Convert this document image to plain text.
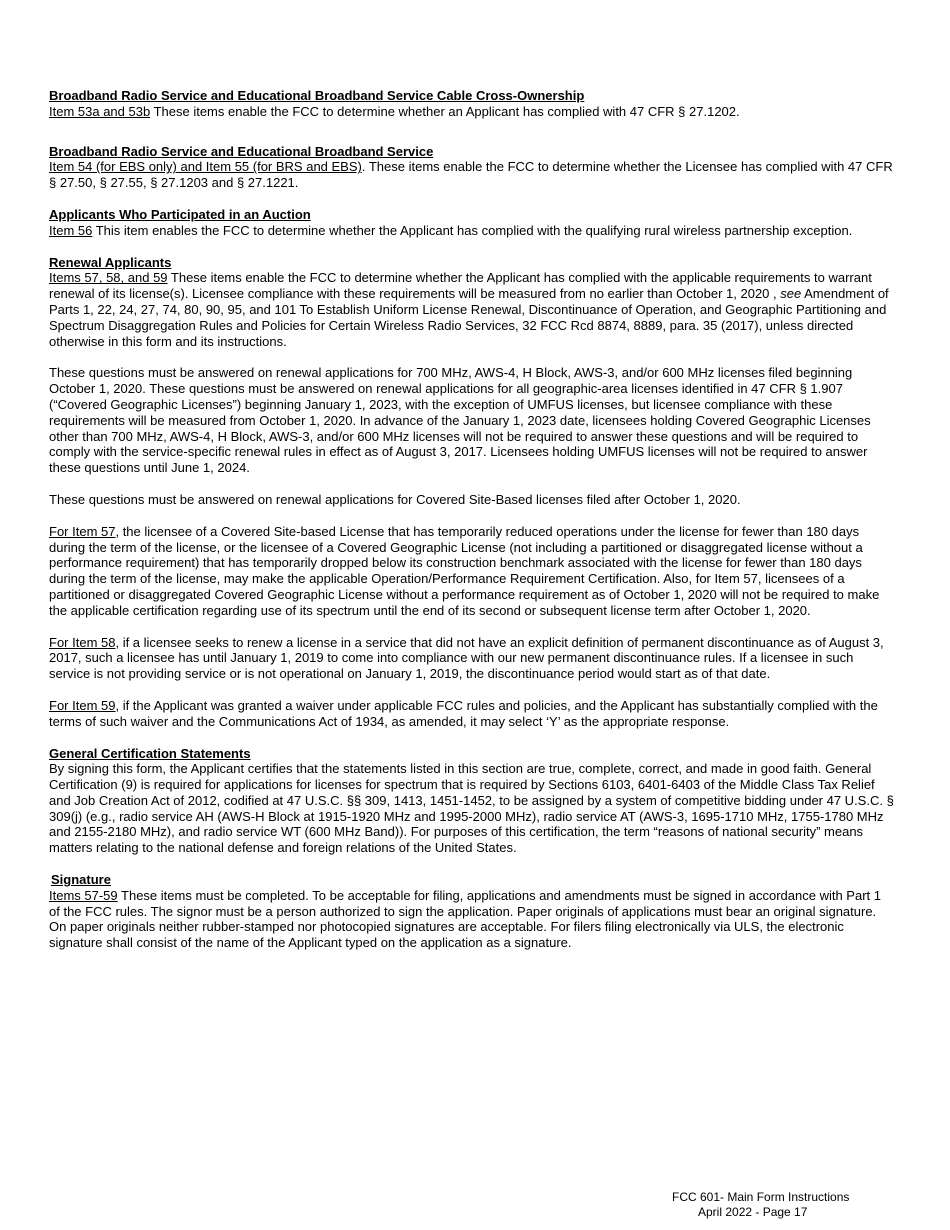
Broadband Radio Service and Educational Broadband Service Cable Cross-Ownership
Item 53a and 53b These items enable the FCC to determine whether an Applicant has complied with 47 CFR § 27.1202.
Broadband Radio Service and Educational Broadband Service
Item 54 (for EBS only) and Item 55 (for BRS and EBS). These items enable the FCC to determine whether the Licensee has complied with 47 CFR § 27.50, § 27.55, § 27.1203 and § 27.1221.
Applicants Who Participated in an Auction
Item 56 This item enables the FCC to determine whether the Applicant has complied with the qualifying rural wireless partnership exception.
Renewal Applicants

Items 57, 58, and 59 These items enable the FCC to determine whether the Applicant has complied with the applicable requirements to warrant renewal of its license(s). Licensee compliance with these requirements will be measured from no earlier than October 1, 2020 , see Amendment of Parts 1, 22, 24, 27, 74, 80, 90, 95, and 101 To Establish Uniform License Renewal, Discontinuance of Operation, and Geographic Partitioning and Spectrum Disaggregation Rules and Policies for Certain Wireless Radio Services, 32 FCC Rcd 8874, 8889, para. 35 (2017), unless directed otherwise in this form and its instructions.

These questions must be answered on renewal applications for 700 MHz, AWS-4, H Block, AWS-3, and/or 600 MHz licenses filed beginning October 1, 2020. These questions must be answered on renewal applications for all geographic-area licenses identified in 47 CFR § 1.907 (“Covered Geographic Licenses”) beginning January 1, 2023, with the exception of UMFUS licenses, but licensee compliance with these requirements will be measured from October 1, 2020. In advance of the January 1, 2023 date, licensees holding Covered Geographic Licenses other than 700 MHz, AWS-4, H Block, AWS-3, and/or 600 MHz licenses will not be required to answer these questions and will be required to comply with the service-specific renewal rules in effect as of August 3, 2017. Licensees holding UMFUS licenses will not be required to answer these questions until June 1, 2024.

These questions must be answered on renewal applications for Covered Site-Based licenses filed after October 1, 2020.

For Item 57, the licensee of a Covered Site-based License that has temporarily reduced operations under the license for fewer than 180 days during the term of the license, or the licensee of a Covered Geographic License (not including a partitioned or disaggregated license without a performance requirement) that has temporarily dropped below its construction benchmark associated with the license for fewer than 180 days during the term of the license, may make the applicable Operation/Performance Requirement Certification. Also, for Item 57, licensees of a partitioned or disaggregated Covered Geographic License without a performance requirement as of October 1, 2020 will not be required to make the applicable certification regarding use of its spectrum until the end of its second or subsequent license term after October 1, 2020.

For Item 58, if a licensee seeks to renew a license in a service that did not have an explicit definition of permanent discontinuance as of August 3, 2017, such a licensee has until January 1, 2019 to come into compliance with our new permanent discontinuance rules. If a licensee in such service is not providing service or is not operational on January 1, 2019, the discontinuance period would start as of that date.

For Item 59, if the Applicant was granted a waiver under applicable FCC rules and policies, and the Applicant has substantially complied with the terms of such waiver and the Communications Act of 1934, as amended, it may select ‘Y’ as the appropriate response.

General Certification Statements
By signing this form, the Applicant certifies that the statements listed in this section are true, complete, correct, and made in good faith. General Certification (9) is required for applications for licenses for spectrum that is required by Sections 6103, 6401-6403 of the Middle Class Tax Relief and Job Creation Act of 2012, codified at 47 U.S.C. §§ 309, 1413, 1451-1452, to be assigned by a system of competitive bidding under 47 U.S.C. § 309(j) (e.g., radio service AH (AWS-H Block at 1915-1920 MHz and 1995-2000 MHz), radio service AT (AWS-3, 1695-1710 MHz, 1755-1780 MHz and 2155-2180 MHz), and radio service WT (600 MHz Band)). For purposes of this certification, the term “reasons of national security” means matters relating to the national defense and foreign relations of the United States.
Signature
Items 57-59 These items must be completed. To be acceptable for filing, applications and amendments must be signed in accordance with Part 1 of the FCC rules. The signor must be a person authorized to sign the application. Paper originals of applications must bear an original signature. On paper originals neither rubber-stamped nor photocopied signatures are acceptable. For filers filing electronically via ULS, the electronic signature shall consist of the name of the Applicant typed on the application as a signature.
FCC 601- Main Form Instructions
April 2022 - Page 17
